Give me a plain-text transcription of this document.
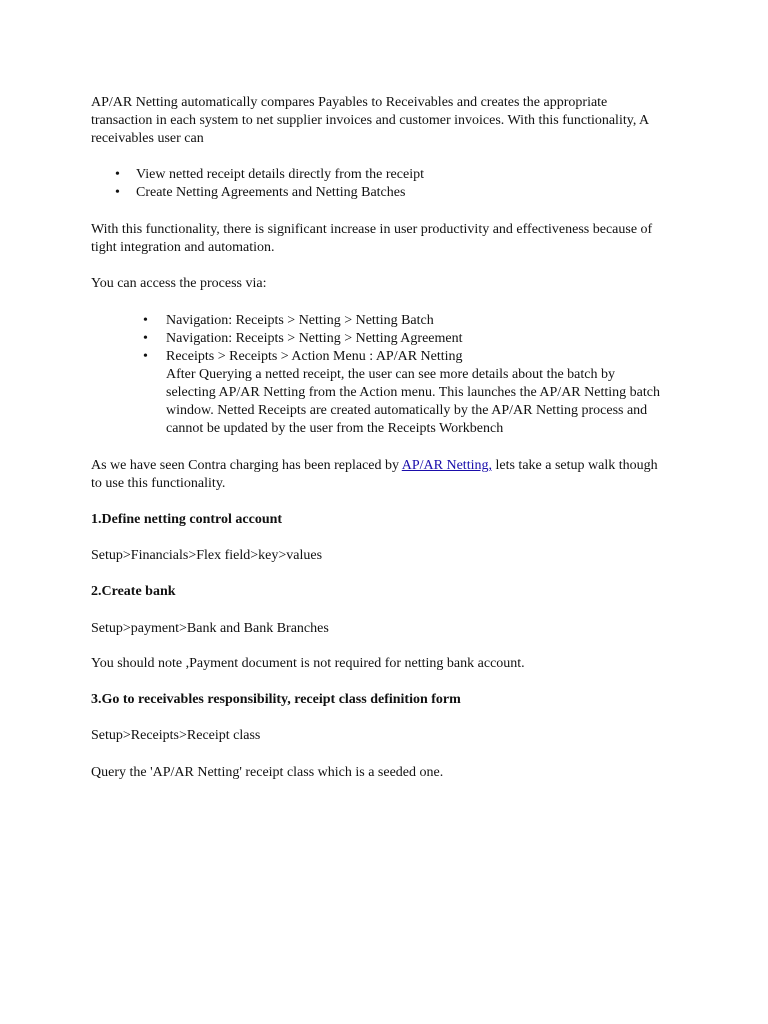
AP/AR Netting automatically compares Payables to Receivables and creates the appropriate transaction in each system to net supplier invoices and customer invoices. With this functionality, A receivables user can

• View netted receipt details directly from the receipt
• Create Netting Agreements and Netting Batches

With this functionality, there is significant increase in user productivity and effectiveness because of tight integration and automation.

You can access the process via:

• Navigation: Receipts > Netting > Netting Batch
• Navigation: Receipts > Netting > Netting Agreement
• Receipts > Receipts > Action Menu : AP/AR Netting

After Querying a netted receipt, the user can see more details about the batch by selecting AP/AR Netting from the Action menu. This launches the AP/AR Netting batch window. Netted Receipts are created automatically by the AP/AR Netting process and cannot be updated by the user from the Receipts Workbench

As we have seen Contra charging has been replaced by AP/AR Netting, lets take a setup walk though to use this functionality.

1.Define netting control account

Setup>Financials>Flex field>key>values

2.Create bank

Setup>payment>Bank and Bank Branches

You should note ,Payment document is not required for netting bank account.

3.Go to receivables responsibility, receipt class definition form

Setup>Receipts>Receipt class

Query the 'AP/AR Netting' receipt class which is a seeded one.
